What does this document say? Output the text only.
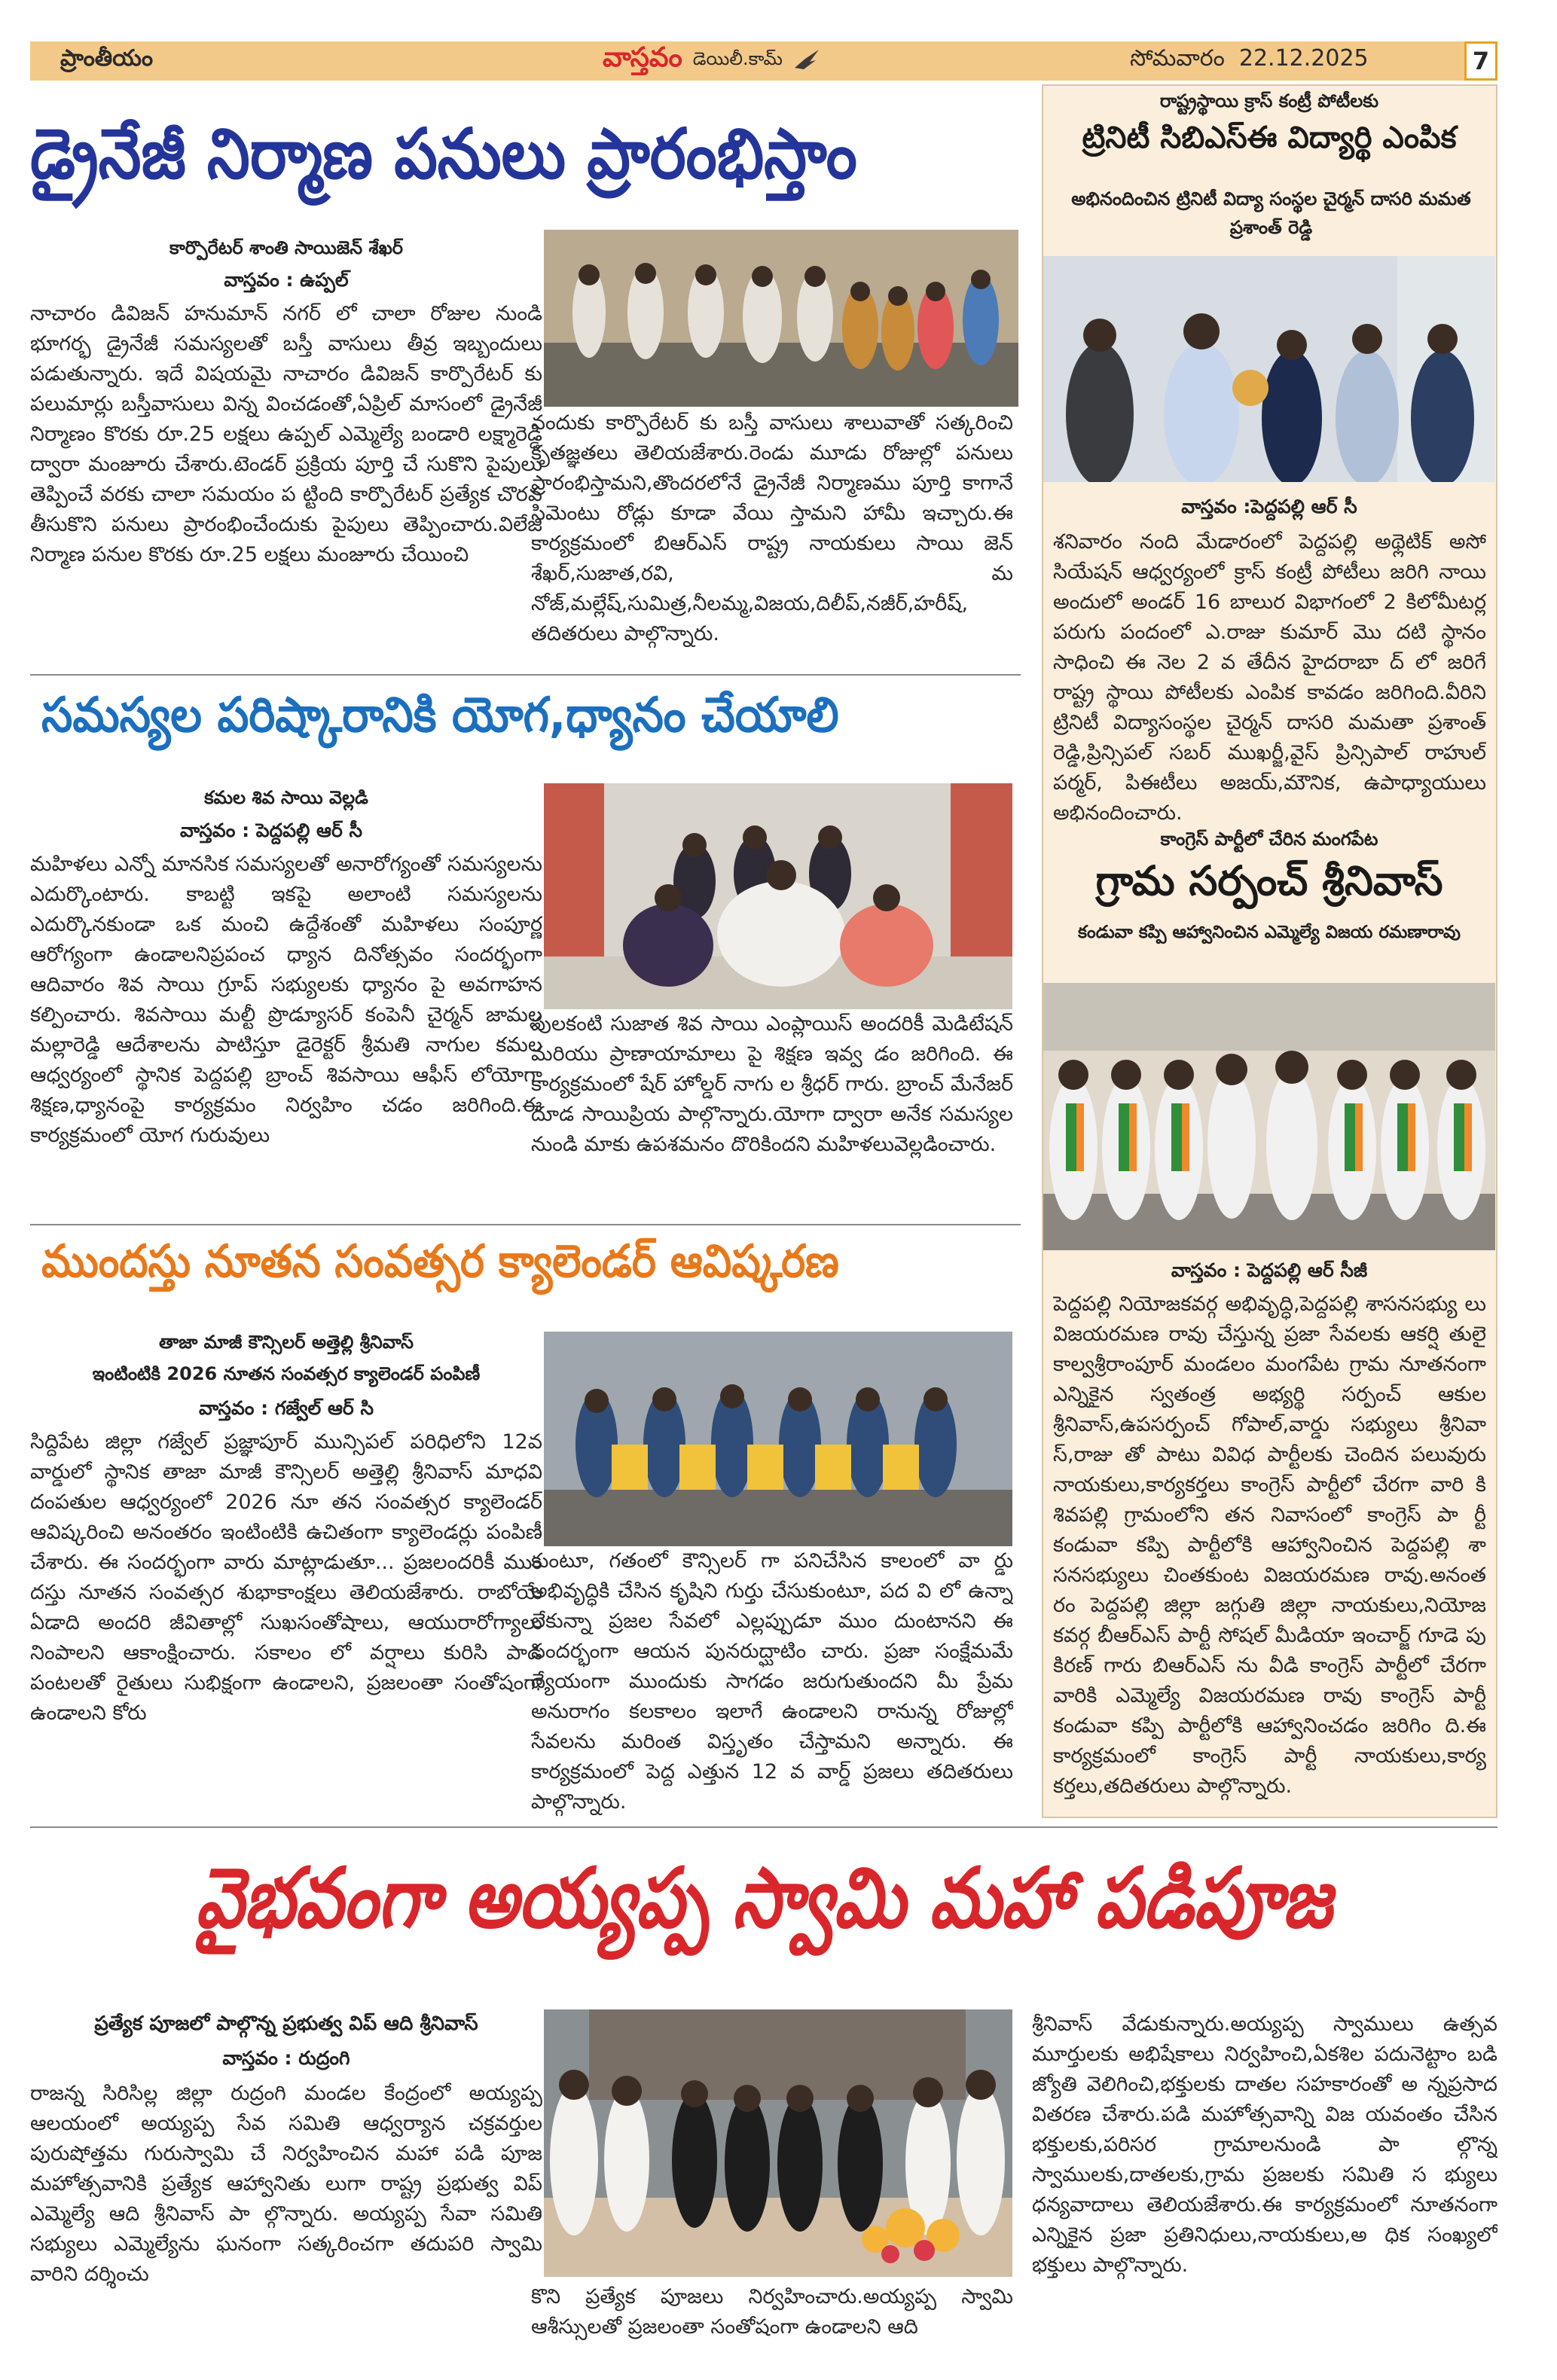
ప్రాంతీయం	వాస్తవం డెయిలీ.కామ్	సోమవారం  22.12.2025	7
డ్రైనేజీ నిర్మాణ పనులు ప్రారంభిస్తాం
కార్పొరేటర్ శాంతి సాయిజెన్ శేఖర్
వాస్తవం : ఉప్పల్
నాచారం డివిజన్ హనుమాన్ నగర్ లో చాలా రోజుల నుండి భూగర్భ డ్రైనేజీ సమస్యలతో బస్తీ వాసులు తీవ్ర ఇబ్బందులు పడుతున్నారు. ఇదే విషయమై నాచారం డివిజన్ కార్పొరేటర్ కు పలుమార్లు బస్తీవాసులు విన్న వించడంతో,ఏప్రిల్ మాసంలో డ్రైనేజీ నిర్మాణం కొరకు రూ.25 లక్షలు ఉప్పల్ ఎమ్మెల్యే బండారి లక్ష్మారెడ్డి ద్వారా మంజూరు చేశారు.టెండర్ ప్రక్రియ పూర్తి చే సుకొని పైపులు తెప్పించే వరకు చాలా సమయం ప ట్టింది కార్పొరేటర్ ప్రత్యేక చొరవ తీసుకొని పనులు ప్రారంభించేందుకు పైపులు తెప్పించారు.విలేజి నిర్మాణ పనుల కొరకు రూ.25 లక్షలు మంజూరు చేయించి
నందుకు కార్పొరేటర్ కు బస్తీ వాసులు శాలువాతో సత్కరించి కృతజ్ఞతలు తెలియజేశారు.రెండు మూడు రోజుల్లో పనులు ప్రారంభిస్తామని,తొందరలోనే డ్రైనేజీ నిర్మాణము పూర్తి కాగానే సిమెంటు రోడ్లు కూడా వేయి స్తామని హామీ ఇచ్చారు.ఈ కార్యక్రమంలో బిఆర్ఎస్ రాష్ట్ర నాయకులు సాయి జెన్ శేఖర్,సుజాత,రవి, మ నోజ్,మల్లేష్,సుమిత్ర,నీలమ్మ,విజయ,దిలీప్,నజీర్,హరీష్, తదితరులు పాల్గొన్నారు.
సమస్యల పరిష్కారానికి యోగ,ధ్యానం చేయాలి
కమల శివ సాయి వెల్లడి
వాస్తవం : పెద్దపల్లి ఆర్ సీ
మహిళలు ఎన్నో మానసిక సమస్యలతో అనారోగ్యంతో సమస్యలను ఎదుర్కొంటారు. కాబట్టి ఇకపై అలాంటి సమస్యలను ఎదుర్కొనకుండా ఒక మంచి ఉద్దేశంతో మహిళలు సంపూర్ణ ఆరోగ్యంగా ఉండాలనిప్రపంచ ధ్యాన దినోత్సవం సందర్భంగా ఆదివారం శివ సాయి గ్రూప్ సభ్యులకు ధ్యానం పై అవగాహన కల్పించారు. శివసాయి మల్టీ ప్రొడ్యూసర్ కంపెనీ చైర్మన్ జామల్ల మల్లారెడ్డి ఆదేశాలను పాటిస్తూ డైరెక్టర్ శ్రీమతి నాగుల కమల ఆధ్వర్యంలో స్థానిక పెద్దపల్లి బ్రాంచ్ శివసాయి ఆఫీస్ లోయోగా శిక్షణ,ధ్యానంపై కార్యక్రమం నిర్వహిం చడం జరిగింది.ఈ కార్యక్రమంలో యోగ గురువులు
పులకంటి సుజాత శివ సాయి ఎంప్లాయిస్ అందరికీ మెడిటేషన్ మరియు ప్రాణాయామాలు పై శిక్షణ ఇవ్వ డం జరిగింది. ఈ కార్యక్రమంలో షేర్ హోల్డర్ నాగు ల శ్రీధర్ గారు. బ్రాంచ్ మేనేజర్ దూడ సాయిప్రియ పాల్గొన్నారు.యోగా ద్వారా అనేక సమస్యల నుండి మాకు ఉపశమనం దొరికిందని మహిళలువెల్లడించారు.
ముందస్తు నూతన సంవత్సర క్యాలెండర్ ఆవిష్కరణ
తాజా మాజీ కౌన్సిలర్ అత్తెల్లి శ్రీనివాస్
ఇంటింటికి 2026 నూతన సంవత్సర క్యాలెండర్ పంపిణీ
వాస్తవం : గజ్వేల్ ఆర్ సి
సిద్దిపేట జిల్లా గజ్వేల్ ప్రజ్ఞాపూర్ మున్సిపల్ పరిధిలోని 12వ వార్డులో స్థానిక తాజా మాజీ కౌన్సిలర్ అత్తెల్లి శ్రీనివాస్ మాధవి దంపతుల ఆధ్వర్యంలో 2026 నూ తన సంవత్సర క్యాలెండర్ ఆవిష్కరించి అనంతరం ఇంటింటికి ఉచితంగా క్యాలెండర్లు పంపిణీ చేశారు. ఈ సందర్భంగా వారు మాట్లాడుతూ... ప్రజలందరికీ ముం దస్తు నూతన సంవత్సర శుభాకాంక్షలు తెలియజేశారు. రాబోయే ఏడాది అందరి జీవితాల్లో సుఖసంతోషాలు, ఆయురారోగ్యాలు నింపాలని ఆకాంక్షించారు. సకాలం లో వర్షాలు కురిసి పాడి పంటలతో రైతులు సుభిక్షంగా ఉండాలని, ప్రజలంతా సంతోషంగా ఉండాలని కోరు
కుంటూ, గతంలో కౌన్సిలర్ గా పనిచేసిన కాలంలో వా ర్డు అభివృద్ధికి చేసిన కృషిని గుర్తు చేసుకుంటూ, పద వి లో ఉన్నా లేకున్నా ప్రజల సేవలో ఎల్లప్పుడూ ముం దుంటానని ఈ సందర్భంగా ఆయన పునరుద్ఘాటిం చారు. ప్రజా సంక్షేమమే ధ్యేయంగా ముందుకు సాగడం జరుగుతుందని మీ ప్రేమ అనురాగం కలకాలం ఇలాగే ఉండాలని రానున్న రోజుల్లో సేవలను మరింత విస్తృతం చేస్తామని అన్నారు. ఈ కార్యక్రమంలో పెద్ద ఎత్తున 12 వ వార్డ్ ప్రజలు తదితరులు పాల్గొన్నారు.
రాష్ట్రస్థాయి క్రాస్ కంట్రీ పోటీలకు
ట్రినిటీ సిబిఎస్ఈ విద్యార్థి ఎంపిక
అభినందించిన ట్రినిటీ విద్యా సంస్థల చైర్మన్ దాసరి మమత ప్రశాంత్ రెడ్డి
వాస్తవం :పెద్దపల్లి ఆర్ సీ
శనివారం నంది మేడారంలో పెద్దపల్లి అథ్లెటిక్ అసో సియేషన్ ఆధ్వర్యంలో క్రాస్ కంట్రీ పోటీలు జరిగి నాయి అందులో అండర్ 16 బాలుర విభాగంలో 2 కిలోమీటర్ల పరుగు పందంలో ఎ.రాజు కుమార్ మొ దటి స్థానం సాధించి ఈ నెల 2 వ తేదీన హైదరాబా ద్ లో జరిగే రాష్ట్ర స్థాయి పోటీలకు ఎంపిక కావడం జరిగింది.వీరిని ట్రినిటీ విద్యాసంస్థల చైర్మన్ దాసరి మమతా ప్రశాంత్ రెడ్డి,ప్రిన్సిపల్ సబర్ ముఖర్జీ,వైస్ ప్రిన్సిపాల్ రాహుల్ పర్మర్, పిఈటీలు అజయ్,మౌనిక, ఉపాధ్యాయులు అభినందించారు.
కాంగ్రెస్ పార్టీలో చేరిన మంగపేట
గ్రామ సర్పంచ్ శ్రీనివాస్
కండువా కప్పి ఆహ్వానించిన ఎమ్మెల్యే విజయ రమణారావు
వాస్తవం : పెద్దపల్లి ఆర్ సీజీ
పెద్దపల్లి నియోజకవర్గ అభివృద్ధి,పెద్దపల్లి శాసనసభ్యు లు విజయరమణ రావు చేస్తున్న ప్రజా సేవలకు ఆకర్షి తులై కాల్వశ్రీరాంపూర్ మండలం మంగపేట గ్రామ నూతనంగా ఎన్నికైన స్వతంత్ర అభ్యర్థి సర్పంచ్ ఆకుల శ్రీనివాస్,ఉపసర్పంచ్ గోపాల్,వార్డు సభ్యులు శ్రీనివా స్,రాజు తో పాటు వివిధ పార్టీలకు చెందిన పలువురు నాయకులు,కార్యకర్తలు కాంగ్రెస్ పార్టీలో చేరగా వారి కి శివపల్లి గ్రామంలోని తన నివాసంలో కాంగ్రెస్ పా ర్టీ కండువా కప్పి పార్టీలోకి ఆహ్వానించిన పెద్దపల్లి శా సనసభ్యులు చింతకుంట విజయరమణ రావు.అనంత రం పెద్దపల్లి జిల్లా జగ్గుతి జిల్లా నాయకులు,నియోజ కవర్గ బీఆర్ఎస్ పార్టీ సోషల్ మీడియా ఇంచార్జ్ గూడె పు కిరణ్ గారు బిఆర్ఎస్ ను వీడి కాంగ్రెస్ పార్టీలో చేరగా వారికి ఎమ్మెల్యే విజయరమణ రావు కాంగ్రెస్ పార్టీ కండువా కప్పి పార్టీలోకి ఆహ్వానించడం జరిగిం ది.ఈ కార్యక్రమంలో కాంగ్రెస్ పార్టీ నాయకులు,కార్య కర్తలు,తదితరులు పాల్గొన్నారు.
వైభవంగా అయ్యప్ప స్వామి మహా పడిపూజ
ప్రత్యేక పూజలో పాల్గొన్న ప్రభుత్వ విప్ ఆది శ్రీనివాస్
వాస్తవం : రుద్రంగి
రాజన్న సిరిసిల్ల జిల్లా రుద్రంగి మండల కేంద్రంలో అయ్యప్ప ఆలయంలో అయ్యప్ప సేవ సమితి ఆధ్వర్యాన చక్రవర్తుల పురుషోత్తమ గురుస్వామి చే నిర్వహించిన మహా పడి పూజ మహోత్సవానికి ప్రత్యేక ఆహ్వానితు లుగా రాష్ట్ర ప్రభుత్వ విప్ ఎమ్మెల్యే ఆది శ్రీనివాస్ పా ల్గొన్నారు. అయ్యప్ప సేవా సమితి సభ్యులు ఎమ్మెల్యేను ఘనంగా సత్కరించగా తదుపరి స్వామి వారిని దర్శించు
కొని ప్రత్యేక పూజలు నిర్వహించారు.అయ్యప్ప స్వామి ఆశీస్సులతో ప్రజలంతా సంతోషంగా ఉండాలని ఆది
శ్రీనివాస్ వేడుకున్నారు.అయ్యప్ప స్వాములు ఉత్సవ మూర్తులకు అభిషేకాలు నిర్వహించి,ఏకశిల పదునెట్టాం బడి జ్యోతి వెలిగించి,భక్తులకు దాతల సహకారంతో అ న్నప్రసాద వితరణ చేశారు.పడి మహోత్సవాన్ని విజ యవంతం చేసిన భక్తులకు,పరిసర గ్రామాలనుండి పా ల్గొన్న స్వాములకు,దాతలకు,గ్రామ ప్రజలకు సమితి స భ్యులు ధన్యవాదాలు తెలియజేశారు.ఈ కార్యక్రమంలో నూతనంగా ఎన్నికైన ప్రజా ప్రతినిధులు,నాయకులు,అ ధిక సంఖ్యలో భక్తులు పాల్గొన్నారు.
